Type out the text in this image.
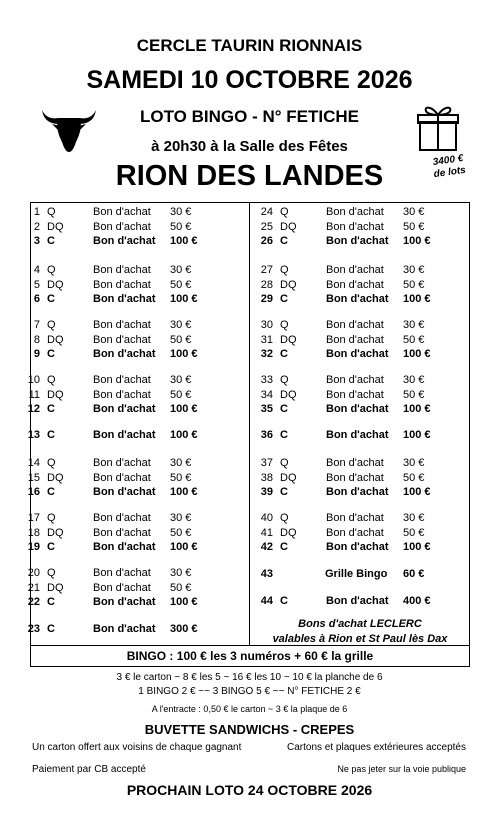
CERCLE TAURIN RIONNAIS
SAMEDI 10 OCTOBRE 2026
LOTO BINGO - N° FETICHE
à 20h30 à la Salle des Fêtes
RION DES LANDES	3400 €
de lots
1 Q	Bon d'achat 30 €
2 DQ	Bon d'achat 50 €
3 C	Bon d'achat 100 €
4 Q	Bon d'achat 30 €
5 DQ	Bon d'achat 50 €
6 C	Bon d'achat 100 €
7 Q	Bon d'achat 30 €
8 DQ	Bon d'achat 50 €
9 C	Bon d'achat 100 €
10 Q	Bon d'achat 30 €
11 DQ	Bon d'achat 50 €
12 C	Bon d'achat 100 €
13 C	Bon d'achat 100 €
14 Q	Bon d'achat 30 €
15 DQ	Bon d'achat 50 €
16 C	Bon d'achat 100 €
17 Q	Bon d'achat 30 €
18 DQ	Bon d'achat 50 €
19 C	Bon d'achat 100 €
20 Q	Bon d'achat 30 €
21 DQ	Bon d'achat 50 €
22 C	Bon d'achat 100 €
23 C	Bon d'achat 300 €
24 Q	Bon d'achat 30 €
25 DQ	Bon d'achat 50 €
26 C	Bon d'achat 100 €
27 Q	Bon d'achat 30 €
28 DQ	Bon d'achat 50 €
29 C	Bon d'achat 100 €
30 Q	Bon d'achat 30 €
31 DQ	Bon d'achat 50 €
32 C	Bon d'achat 100 €
33 Q	Bon d'achat 30 €
34 DQ	Bon d'achat 50 €
35 C	Bon d'achat 100 €
36 C	Bon d'achat 100 €
37 Q	Bon d'achat 30 €
38 DQ	Bon d'achat 50 €
39 C	Bon d'achat 100 €
40 Q	Bon d'achat 30 €
41 DQ	Bon d'achat 50 €
42 C	Bon d'achat 100 €
43	Grille Bingo 60 €
44 C	Bon d'achat 400 €
Bons d'achat LECLERC
valables à Rion et St Paul lès Dax
BINGO : 100 € les 3 numéros + 60 € la grille
3 € le carton ~ 8 € les 5 ~ 16 € les 10 ~ 10 € la planche de 6
1 BINGO 2 € ~~ 3 BINGO 5 € ~~ N° FETICHE 2 €
A l'entracte : 0,50 € le carton ~ 3 € la plaque de 6
BUVETTE SANDWICHS - CREPES
Un carton offert aux voisins de chaque gagnant	Cartons et plaques extérieures acceptés
Paiement par CB accepté	Ne pas jeter sur la voie publique
PROCHAIN LOTO 24 OCTOBRE 2026
